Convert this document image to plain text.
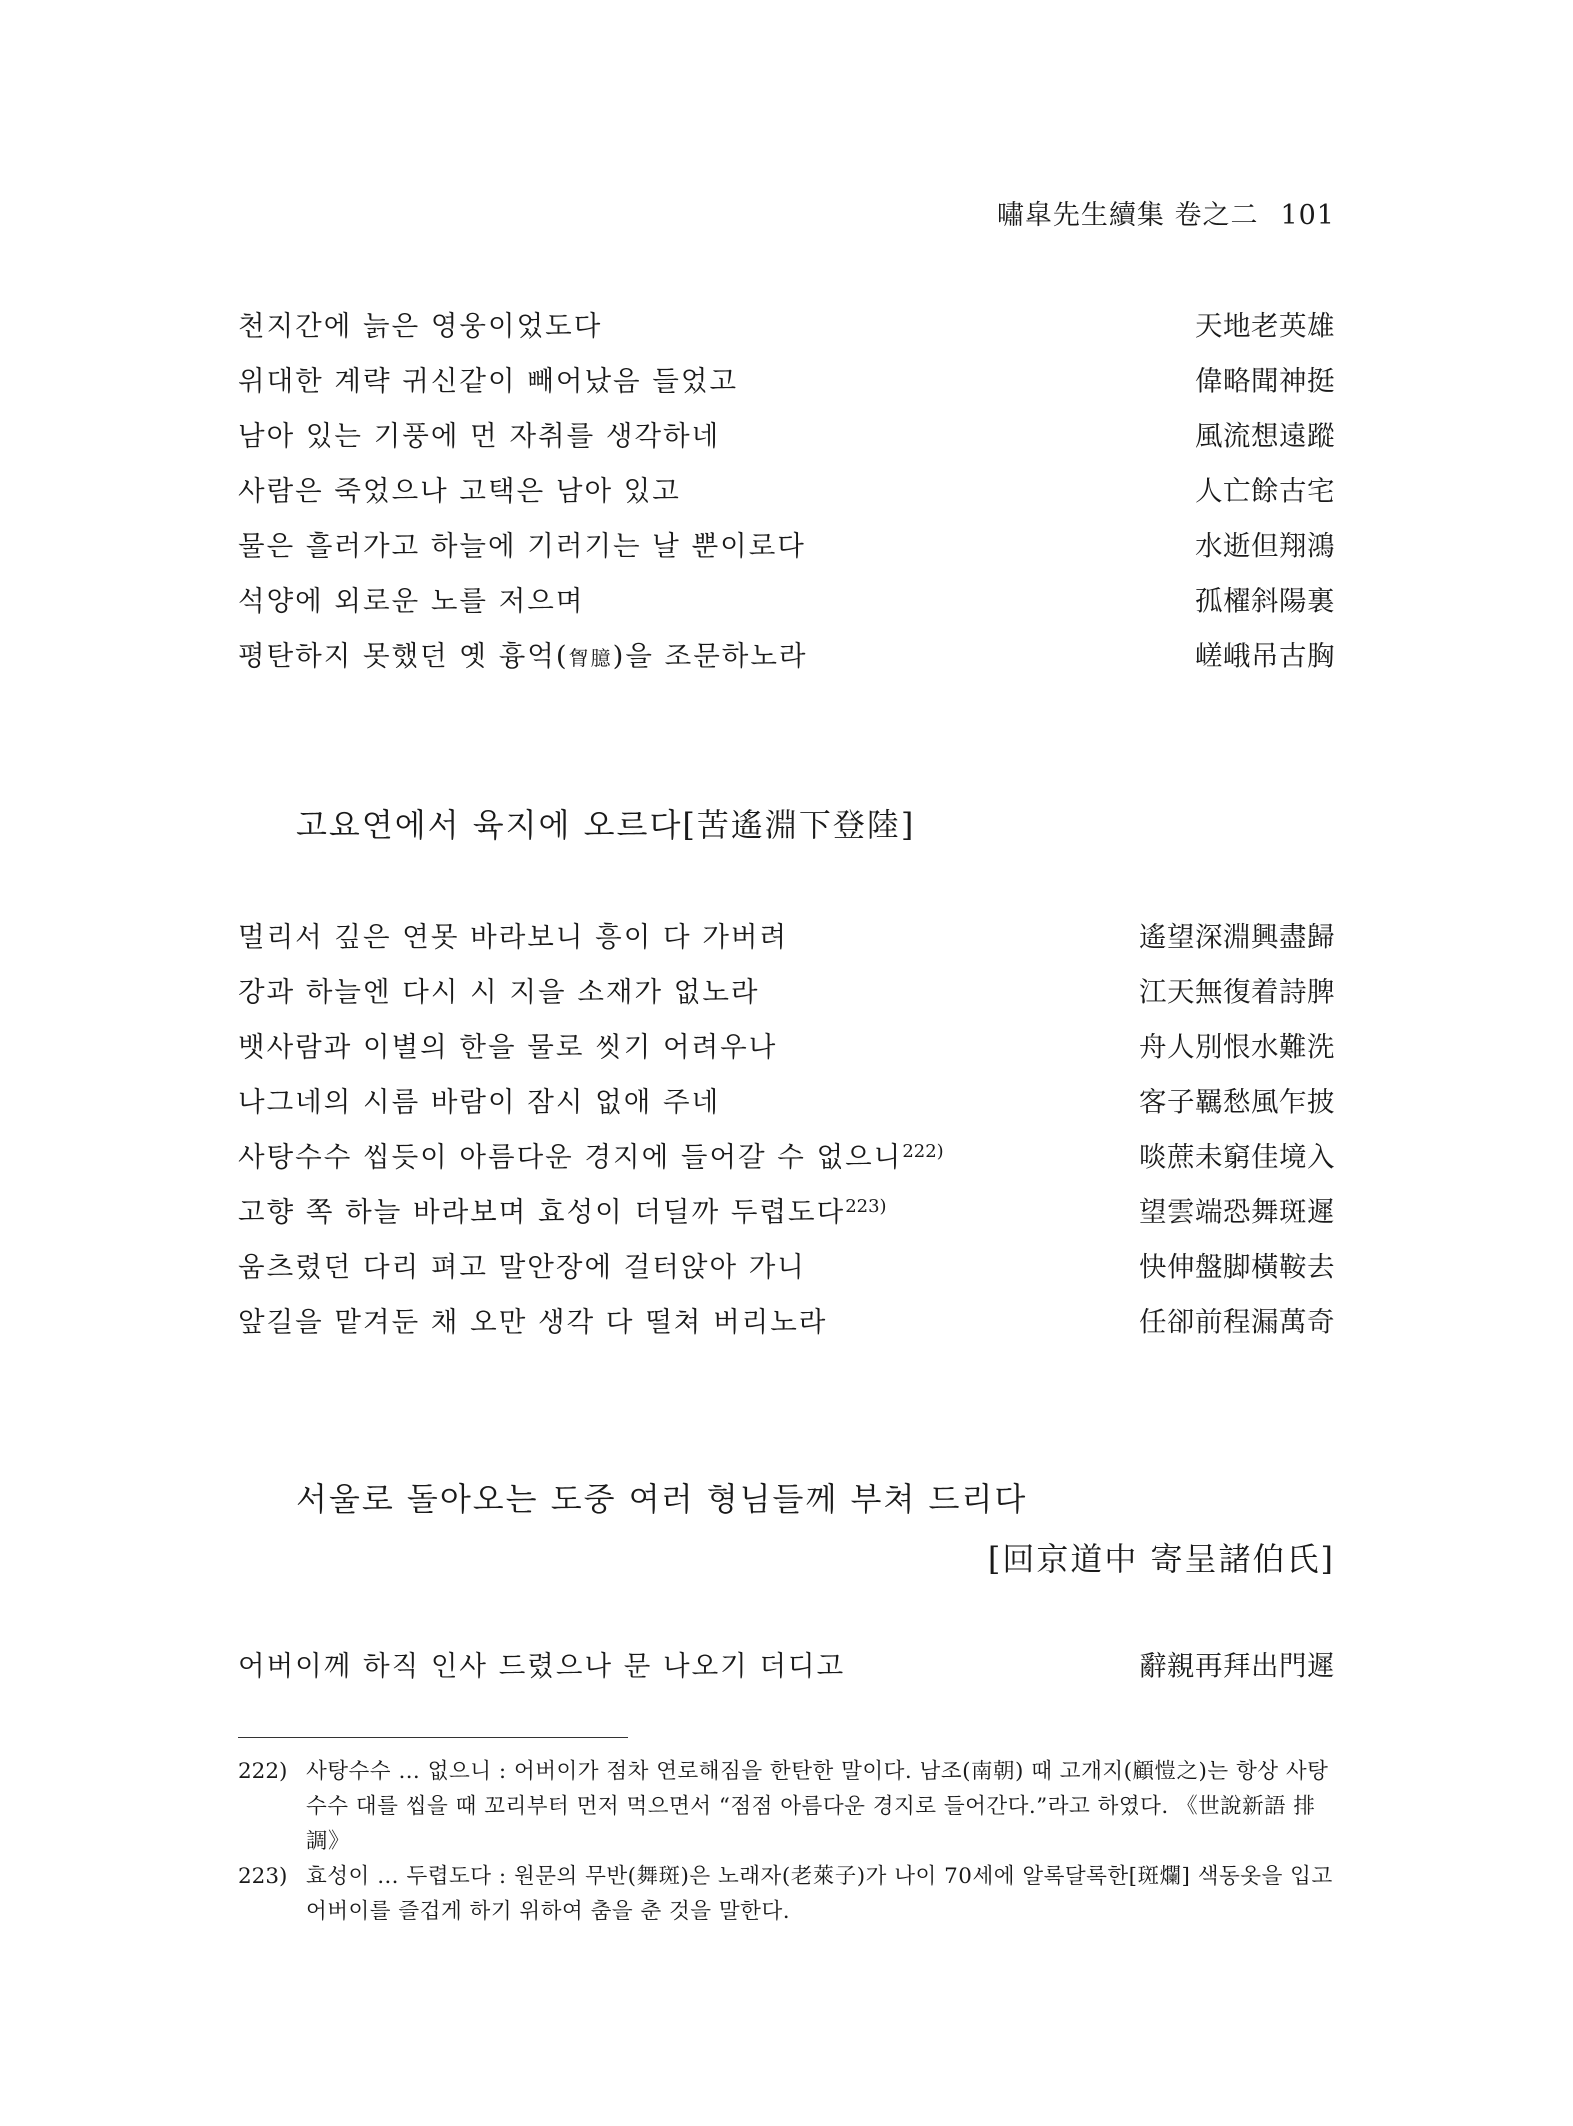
嘯皐先生續集 卷之二 101
천지간에 늙은 영웅이었도다	天地老英雄
위대한 계략 귀신같이 빼어났음 들었고	偉略聞神挺
남아 있는 기풍에 먼 자취를 생각하네	風流想遠蹤
사람은 죽었으나 고택은 남아 있고	人亡餘古宅
물은 흘러가고 하늘에 기러기는 날 뿐이로다	水逝但翔鴻
석양에 외로운 노를 저으며	孤櫂斜陽裏
평탄하지 못했던 옛 흉억(胷臆)을 조문하노라	嵯峨吊古胸
고요연에서 육지에 오르다[苦遙淵下登陸]
멀리서 깊은 연못 바라보니 흥이 다 가버려	遙望深淵興盡歸
강과 하늘엔 다시 시 지을 소재가 없노라	江天無復着詩脾
뱃사람과 이별의 한을 물로 씻기 어려우나	舟人別恨水難洗
나그네의 시름 바람이 잠시 없애 주네	客子羈愁風乍披
사탕수수 씹듯이 아름다운 경지에 들어갈 수 없으니$^{222)}$	啖蔗未窮佳境入
고향 쪽 하늘 바라보며 효성이 더딜까 두렵도다$^{223)}$	望雲端恐舞斑遲
움츠렸던 다리 펴고 말안장에 걸터앉아 가니	快伸盤脚橫鞍去
앞길을 맡겨둔 채 오만 생각 다 떨쳐 버리노라	任卻前程漏萬奇
서울로 돌아오는 도중 여러 형님들께 부쳐 드리다
[回京道中 寄呈諸伯氏]
어버이께 하직 인사 드렸으나 문 나오기 더디고	辭親再拜出門遲
222) 사탕수수 … 없으니 : 어버이가 점차 연로해짐을 한탄한 말이다. 남조(南朝) 때 고개지(顧愷之)는 항상 사탕수수 대를 씹을 때 꼬리부터 먼저 먹으면서 “점점 아름다운 경지로 들어간다.”라고 하였다. 《世說新語 排調》
223) 효성이 … 두렵도다 : 원문의 무반(舞斑)은 노래자(老萊子)가 나이 70세에 알록달록한[斑爛] 색동옷을 입고 어버이를 즐겁게 하기 위하여 춤을 춘 것을 말한다.
